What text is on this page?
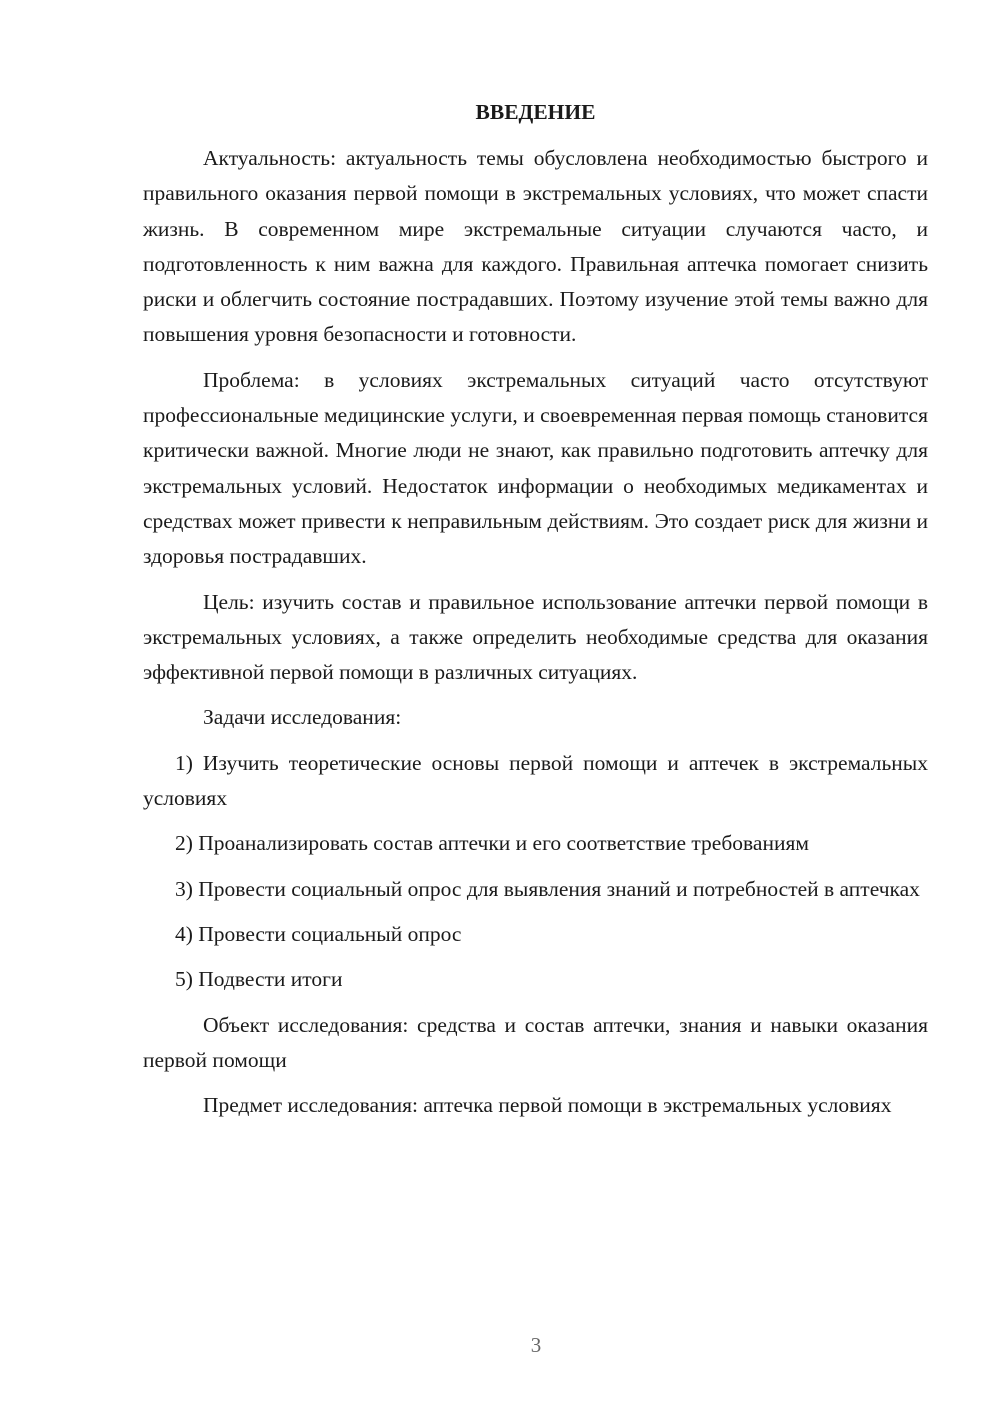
ВВЕДЕНИЕ

Актуальность: актуальность темы обусловлена необходимостью быстрого и правильного оказания первой помощи в экстремальных условиях, что может спасти жизнь. В современном мире экстремальные ситуации случаются часто, и подготовленность к ним важна для каждого. Правильная аптечка помогает снизить риски и облегчить состояние пострадавших. Поэтому изучение этой темы важно для повышения уровня безопасности и готовности.

Проблема: в условиях экстремальных ситуаций часто отсутствуют профессиональные медицинские услуги, и своевременная первая помощь становится критически важной. Многие люди не знают, как правильно подготовить аптечку для экстремальных условий. Недостаток информации о необходимых медикаментах и средствах может привести к неправильным действиям. Это создает риск для жизни и здоровья пострадавших.

Цель: изучить состав и правильное использование аптечки первой помощи в экстремальных условиях, а также определить необходимые средства для оказания эффективной первой помощи в различных ситуациях.

Задачи исследования:

1) Изучить теоретические основы первой помощи и аптечек в экстремальных условиях

2) Проанализировать состав аптечки и его соответствие требованиям

3) Провести социальный опрос для выявления знаний и потребностей в аптечках

4) Провести социальный опрос

5) Подвести итоги

Объект исследования: средства и состав аптечки, знания и навыки оказания первой помощи

Предмет исследования: аптечка первой помощи в экстремальных условиях

3
